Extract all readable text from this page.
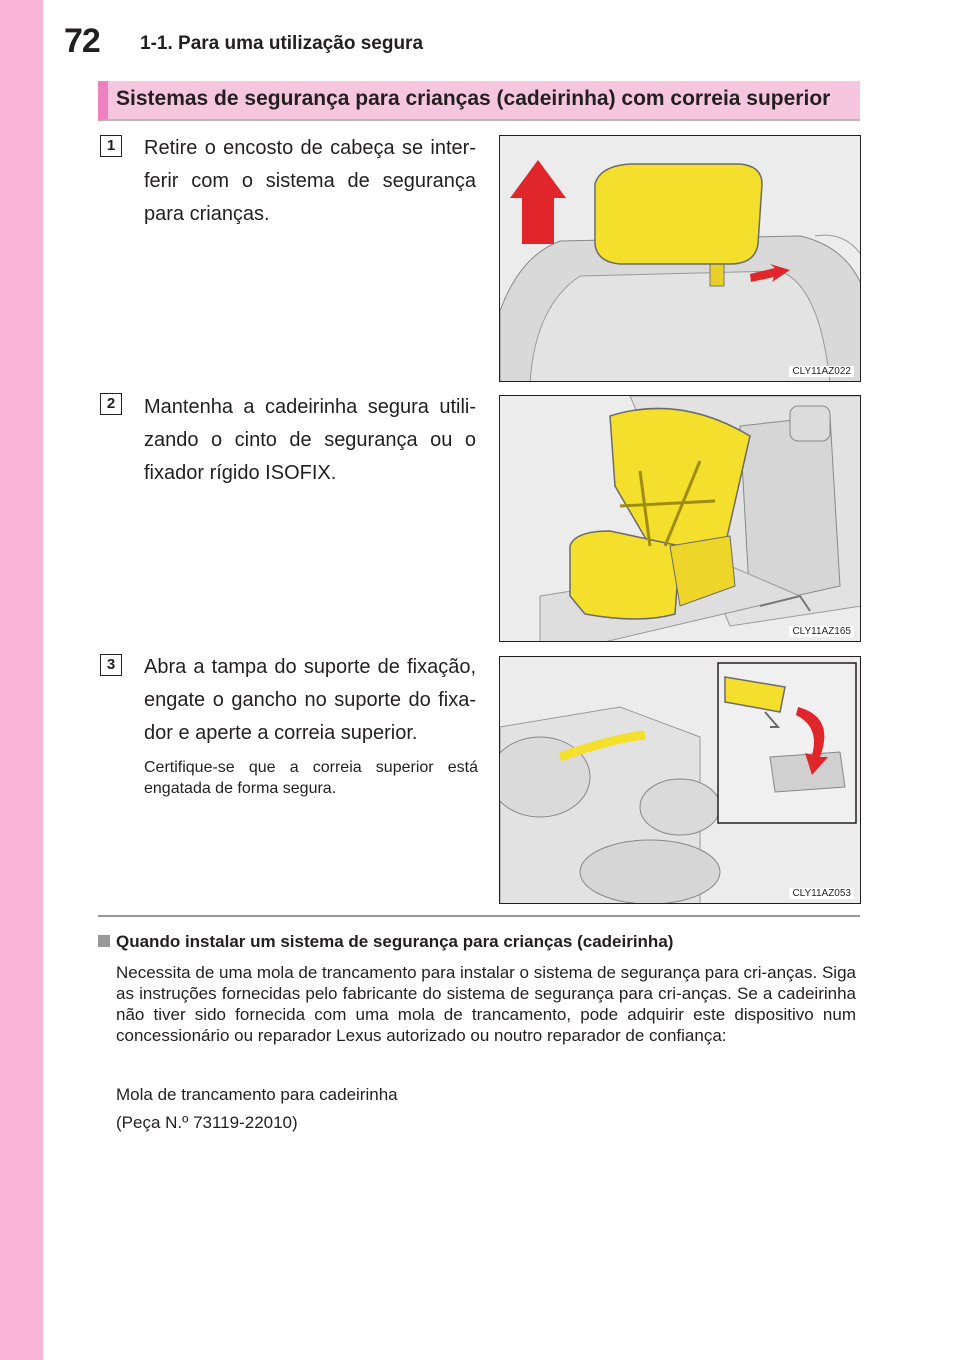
72 1-1. Para uma utilização segura
Sistemas de segurança para crianças (cadeirinha) com correia superior
1	Retire o encosto de cabeça se inter-ferir com o sistema de segurança para crianças.
CLY11AZ022
2	Mantenha a cadeirinha segura utili-zando o cinto de segurança ou o fixador rígido ISOFIX.
CLY11AZ165
3	Abra a tampa do suporte de fixação, engate o gancho no suporte do fixa-dor e aperte a correia superior.
Certifique-se que a correia superior está engatada de forma segura.
CLY11AZ053
Quando instalar um sistema de segurança para crianças (cadeirinha)
Necessita de uma mola de trancamento para instalar o sistema de segurança para cri-anças. Siga as instruções fornecidas pelo fabricante do sistema de segurança para cri-anças. Se a cadeirinha não tiver sido fornecida com uma mola de trancamento, pode adquirir este dispositivo num concessionário ou reparador Lexus autorizado ou noutro reparador de confiança:
Mola de trancamento para cadeirinha
(Peça N.º 73119-22010)
